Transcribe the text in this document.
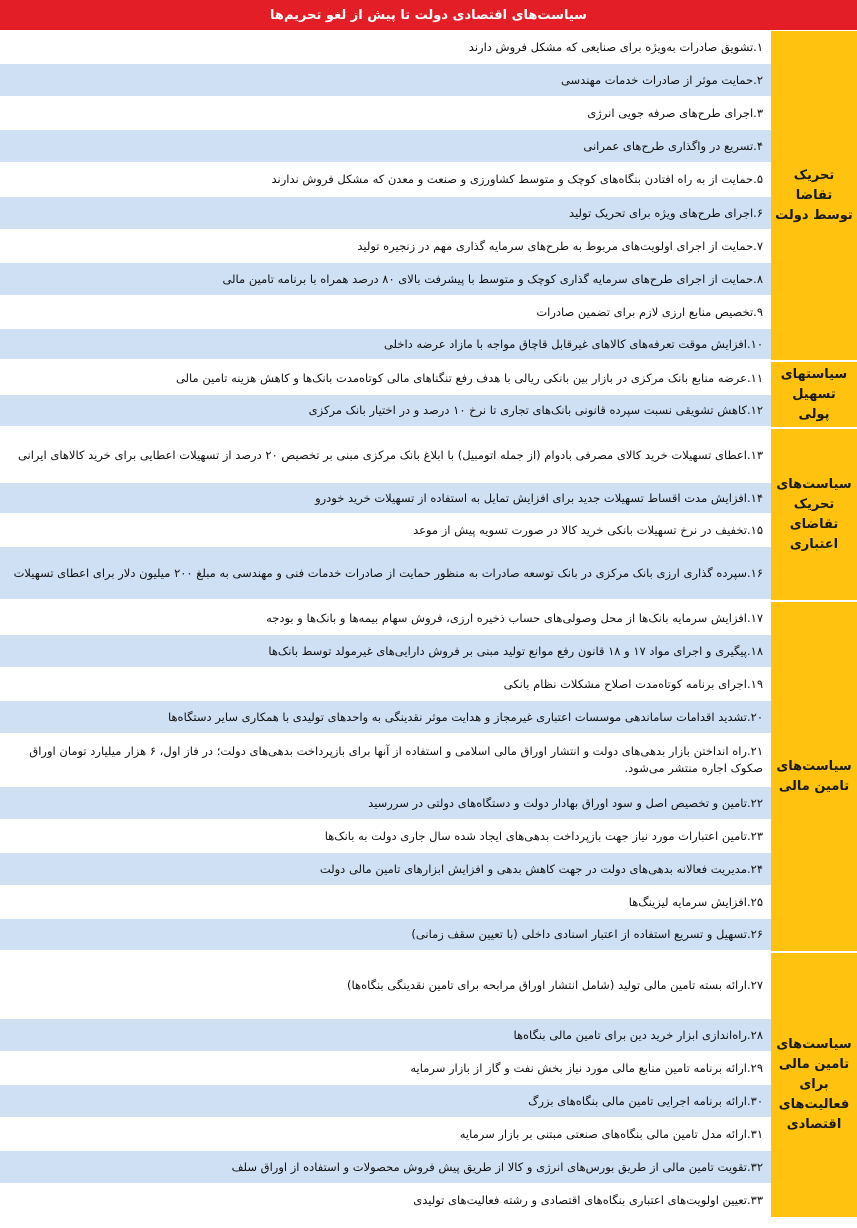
سیاست‌های اقتصادی دولت تا پیش از لغو تحریم‌ها
تحریک تقاضا توسط دولت
۱.تشویق صادرات به‌ویژه برای صنایعی که مشکل فروش دارند
۲.حمایت موثر از صادرات خدمات مهندسی
۳.اجرای طرح‌های صرفه جویی انرژی
۴.تسریع در واگذاری طرح‌های عمرانی
۵.حمایت از به راه افتادن بنگاه‌های کوچک و متوسط کشاورزی و صنعت و معدن که مشکل فروش ندارند
۶.اجرای طرح‌های ویژه برای تحریک تولید
۷.حمایت از اجرای اولویت‌های مربوط به طرح‌های سرمایه گذاری مهم در زنجیره تولید
۸.حمایت از اجرای طرح‌های سرمایه گذاری کوچک و متوسط با پیشرفت بالای ۸۰ درصد همراه با برنامه تامین مالی
۹.تخصیص منابع ارزی لازم برای تضمین صادرات
۱۰.افزایش موقت تعرفه‌های کالاهای غیرقابل قاچاق مواجه با مازاد عرضه داخلی
سیاستهای تسهیل پولی
۱۱.عرضه منابع بانک مرکزی در بازار بین بانکی ریالی با هدف رفع تنگناهای مالی کوتاه‌مدت بانک‌ها و کاهش هزینه تامین مالی
۱۲.کاهش تشویقی نسبت سپرده قانونی بانک‌های تجاری تا نرخ ۱۰ درصد و در اختیار بانک مرکزی
سیاست‌های تحریک تقاضای اعتباری
۱۳.اعطای تسهیلات خرید کالای مصرفی بادوام (از جمله اتومبیل) با ابلاغ بانک مرکزی مبنی بر تخصیص ۲۰ درصد از تسهیلات اعطایی برای خرید کالاهای ایرانی
۱۴.افزایش مدت اقساط تسهیلات جدید برای افزایش تمایل به استفاده از تسهیلات خرید خودرو
۱۵.تخفیف در نرخ تسهیلات بانکی خرید کالا در صورت تسویه پیش از موعد
۱۶.سپرده گذاری ارزی بانک مرکزی در بانک توسعه صادرات به منظور حمایت از صادرات خدمات فنی و مهندسی به مبلغ ۲۰۰ میلیون دلار برای اعطای تسهیلات
سیاست‌های تامین مالی
۱۷.افزایش سرمایه بانک‌ها از محل وصولی‌های حساب ذخیره ارزی، فروش سهام بیمه‌ها و بانک‌ها و بودجه
۱۸.پیگیری و اجرای مواد ۱۷ و ۱۸ قانون رفع موانع تولید مبنی بر فروش دارایی‌های غیرمولد توسط بانک‌ها
۱۹.اجرای برنامه کوتاه‌مدت اصلاح مشکلات نظام بانکی
۲۰.تشدید اقدامات ساماندهی موسسات اعتباری غیرمجاز و هدایت موثر نقدینگی به واحدهای تولیدی با همکاری سایر دستگاه‌ها
۲۱.راه انداختن بازار بدهی‌های دولت و انتشار اوراق مالی اسلامی و استفاده از آنها برای بازپرداخت بدهی‌های دولت؛ در فاز اول، ۶ هزار میلیارد تومان اوراق صکوک اجاره منتشر می‌شود.
۲۲.تامین و تخصیص اصل و سود اوراق بهادار دولت و دستگاه‌های دولتی در سررسید
۲۳.تامین اعتبارات مورد نیاز جهت بازپرداخت بدهی‌های ایجاد شده سال جاری دولت به بانک‌ها
۲۴.مدیریت فعالانه بدهی‌های دولت در جهت کاهش بدهی و افزایش ابزارهای تامین مالی دولت
۲۵.افزایش سرمایه لیزینگ‌ها
۲۶.تسهیل و تسریع استفاده از اعتبار اسنادی داخلی (با تعیین سقف زمانی)
سیاست‌های تامین مالی برای فعالیت‌های اقتصادی
۲۷.ارائه بسته تامین مالی تولید (شامل انتشار اوراق مرابحه برای تامین نقدینگی بنگاه‌ها)
۲۸.راه‌اندازی ابزار خرید دین برای تامین مالی بنگاه‌ها
۲۹.ارائه برنامه تامین منابع مالی مورد نیاز بخش نفت و گاز از بازار سرمایه
۳۰.ارائه برنامه اجرایی تامین مالی بنگاه‌های بزرگ
۳۱.ارائه مدل تامین مالی بنگاه‌های صنعتی مبتنی بر بازار سرمایه
۳۲.تقویت تامین مالی از طریق بورس‌های انرژی و کالا از طریق پیش فروش محصولات و استفاده از اوراق سلف
۳۳.تعیین اولویت‌های اعتباری بنگاه‌های اقتصادی و رشته فعالیت‌های تولیدی
